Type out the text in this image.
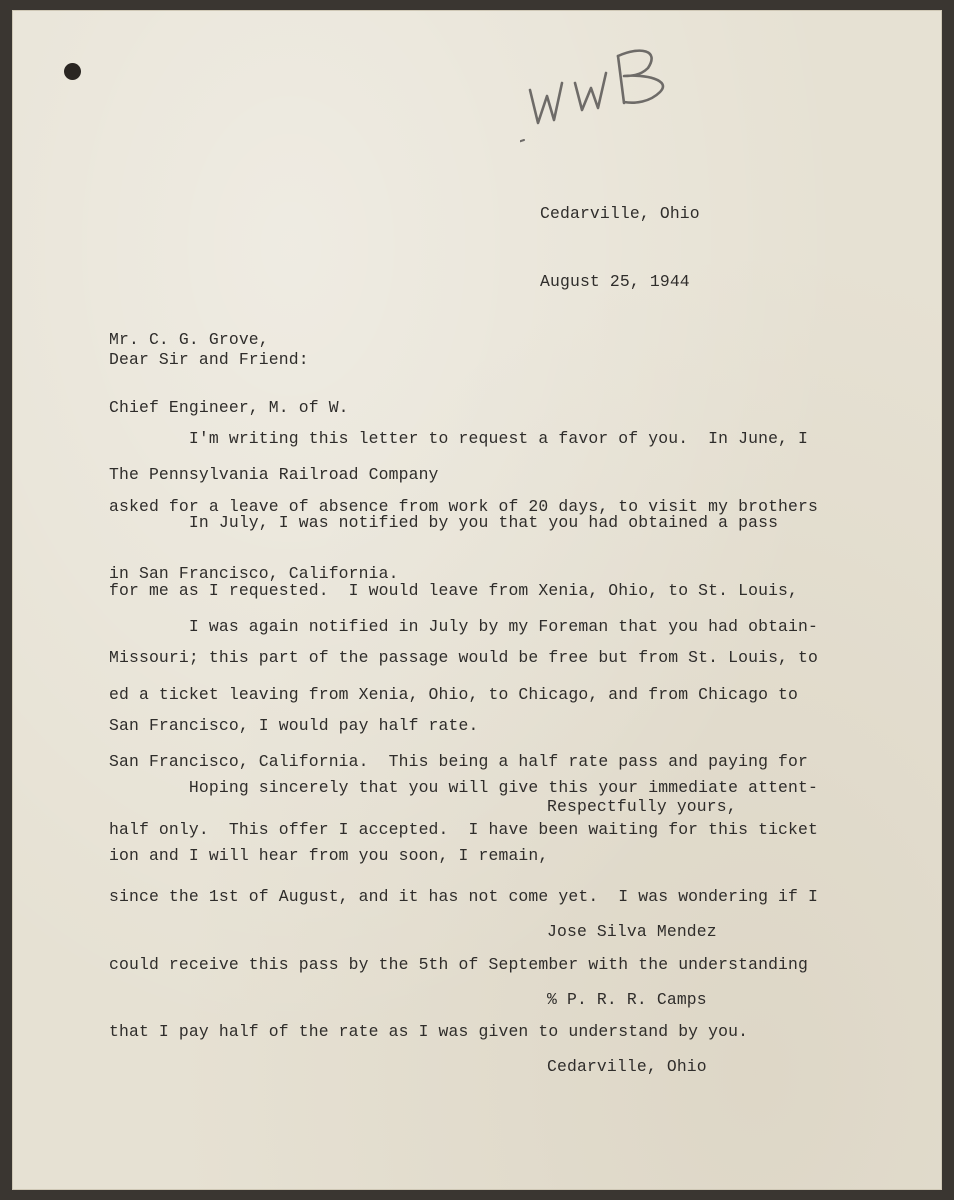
Cedarville, Ohio

August 25, 1944

Mr. C. G. Grove,

Chief Engineer, M. of W.

The Pennsylvania Railroad Company

Dear Sir and Friend:

I'm writing this letter to request a favor of you.  In June, I

asked for a leave of absence from work of 20 days, to visit my brothers

in San Francisco, California.

In July, I was notified by you that you had obtained a pass

for me as I requested.  I would leave from Xenia, Ohio, to St. Louis,

Missouri; this part of the passage would be free but from St. Louis, to

San Francisco, I would pay half rate.

I was again notified in July by my Foreman that you had obtain-

ed a ticket leaving from Xenia, Ohio, to Chicago, and from Chicago to

San Francisco, California.  This being a half rate pass and paying for

half only.  This offer I accepted.  I have been waiting for this ticket

since the 1st of August, and it has not come yet.  I was wondering if I

could receive this pass by the 5th of September with the understanding

that I pay half of the rate as I was given to understand by you.

Hoping sincerely that you will give this your immediate attent-

ion and I will hear from you soon, I remain,

Respectfully yours,

Jose Silva Mendez

% P. R. R. Camps

Cedarville, Ohio
